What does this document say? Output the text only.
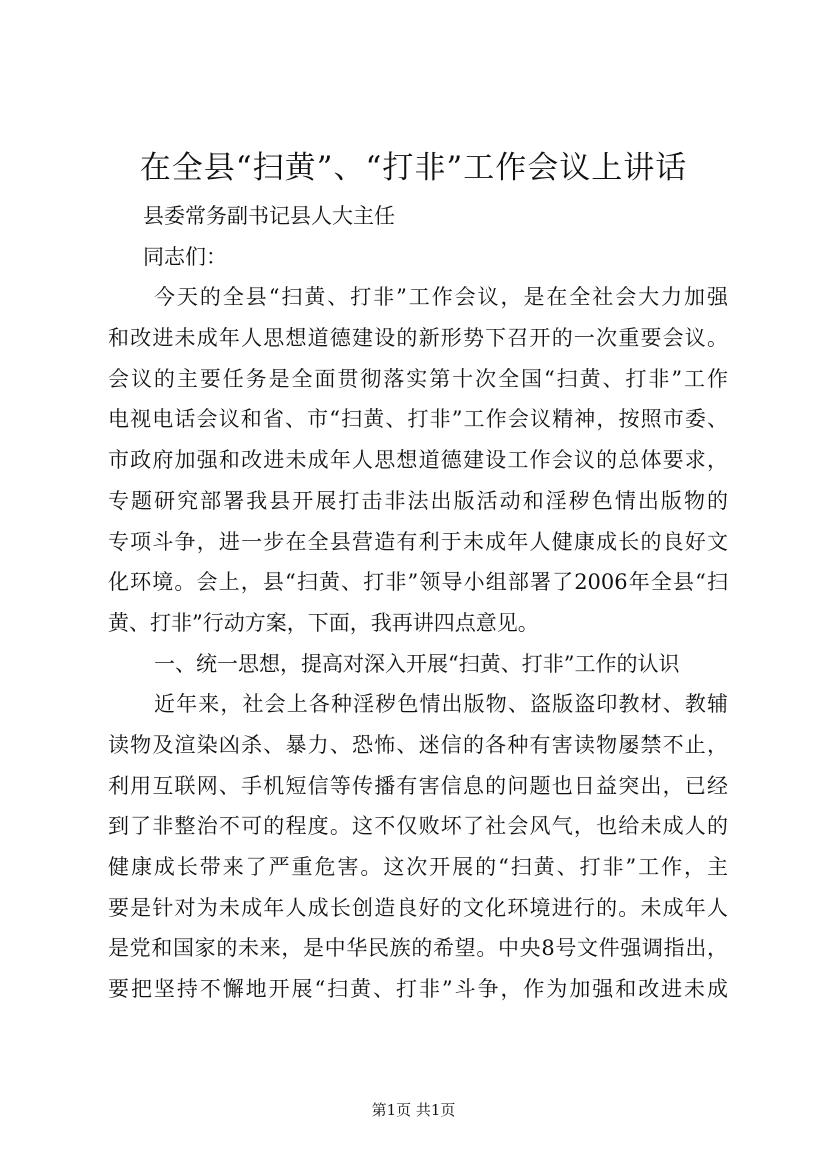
在全县“扫黄”、“打非”工作会议上讲话
县委常务副书记县人大主任
同志们：
今天的全县“扫黄、打非”工作会议，是在全社会大力加强
和改进未成年人思想道德建设的新形势下召开的一次重要会议。
会议的主要任务是全面贯彻落实第十次全国“扫黄、打非”工作
电视电话会议和省、市“扫黄、打非”工作会议精神，按照市委、
市政府加强和改进未成年人思想道德建设工作会议的总体要求，
专题研究部署我县开展打击非法出版活动和淫秽色情出版物的
专项斗争，进一步在全县营造有利于未成年人健康成长的良好文
化环境。会上，县“扫黄、打非”领导小组部署了2006年全县“扫
黄、打非”行动方案，下面，我再讲四点意见。
一、统一思想，提高对深入开展“扫黄、打非”工作的认识
近年来，社会上各种淫秽色情出版物、盗版盗印教材、教辅
读物及渲染凶杀、暴力、恐怖、迷信的各种有害读物屡禁不止，
利用互联网、手机短信等传播有害信息的问题也日益突出，已经
到了非整治不可的程度。这不仅败坏了社会风气，也给未成人的
健康成长带来了严重危害。这次开展的“扫黄、打非”工作，主
要是针对为未成年人成长创造良好的文化环境进行的。未成年人
是党和国家的未来，是中华民族的希望。中央8号文件强调指出，
要把坚持不懈地开展“扫黄、打非”斗争，作为加强和改进未成
第1页 共1页
